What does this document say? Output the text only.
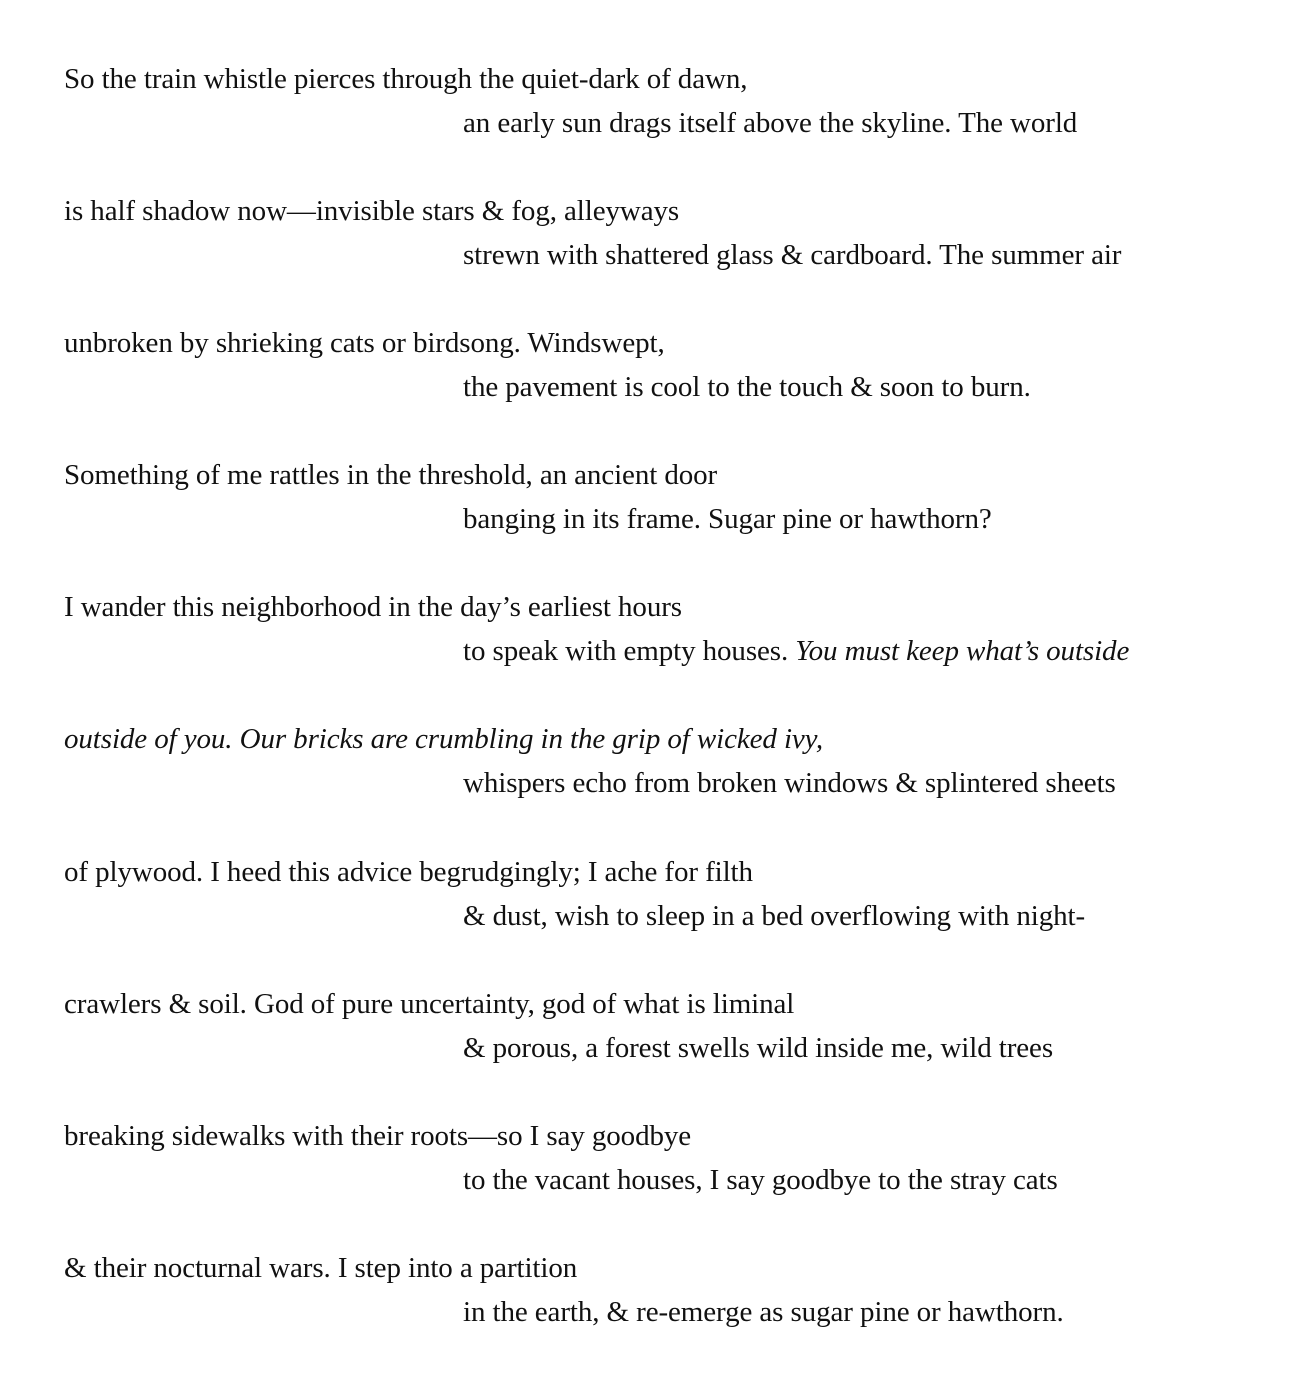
So the train whistle pierces through the quiet-dark of dawn,
an early sun drags itself above the skyline. The world
is half shadow now—invisible stars & fog, alleyways
strewn with shattered glass & cardboard. The summer air
unbroken by shrieking cats or birdsong. Windswept,
the pavement is cool to the touch & soon to burn.
Something of me rattles in the threshold, an ancient door
banging in its frame. Sugar pine or hawthorn?
I wander this neighborhood in the day’s earliest hours
to speak with empty houses. You must keep what’s outside
outside of you. Our bricks are crumbling in the grip of wicked ivy,
whispers echo from broken windows & splintered sheets
of plywood. I heed this advice begrudgingly; I ache for filth
& dust, wish to sleep in a bed overflowing with night-
crawlers & soil. God of pure uncertainty, god of what is liminal
& porous, a forest swells wild inside me, wild trees
breaking sidewalks with their roots—so I say goodbye
to the vacant houses, I say goodbye to the stray cats
& their nocturnal wars. I step into a partition
in the earth, & re-emerge as sugar pine or hawthorn.
